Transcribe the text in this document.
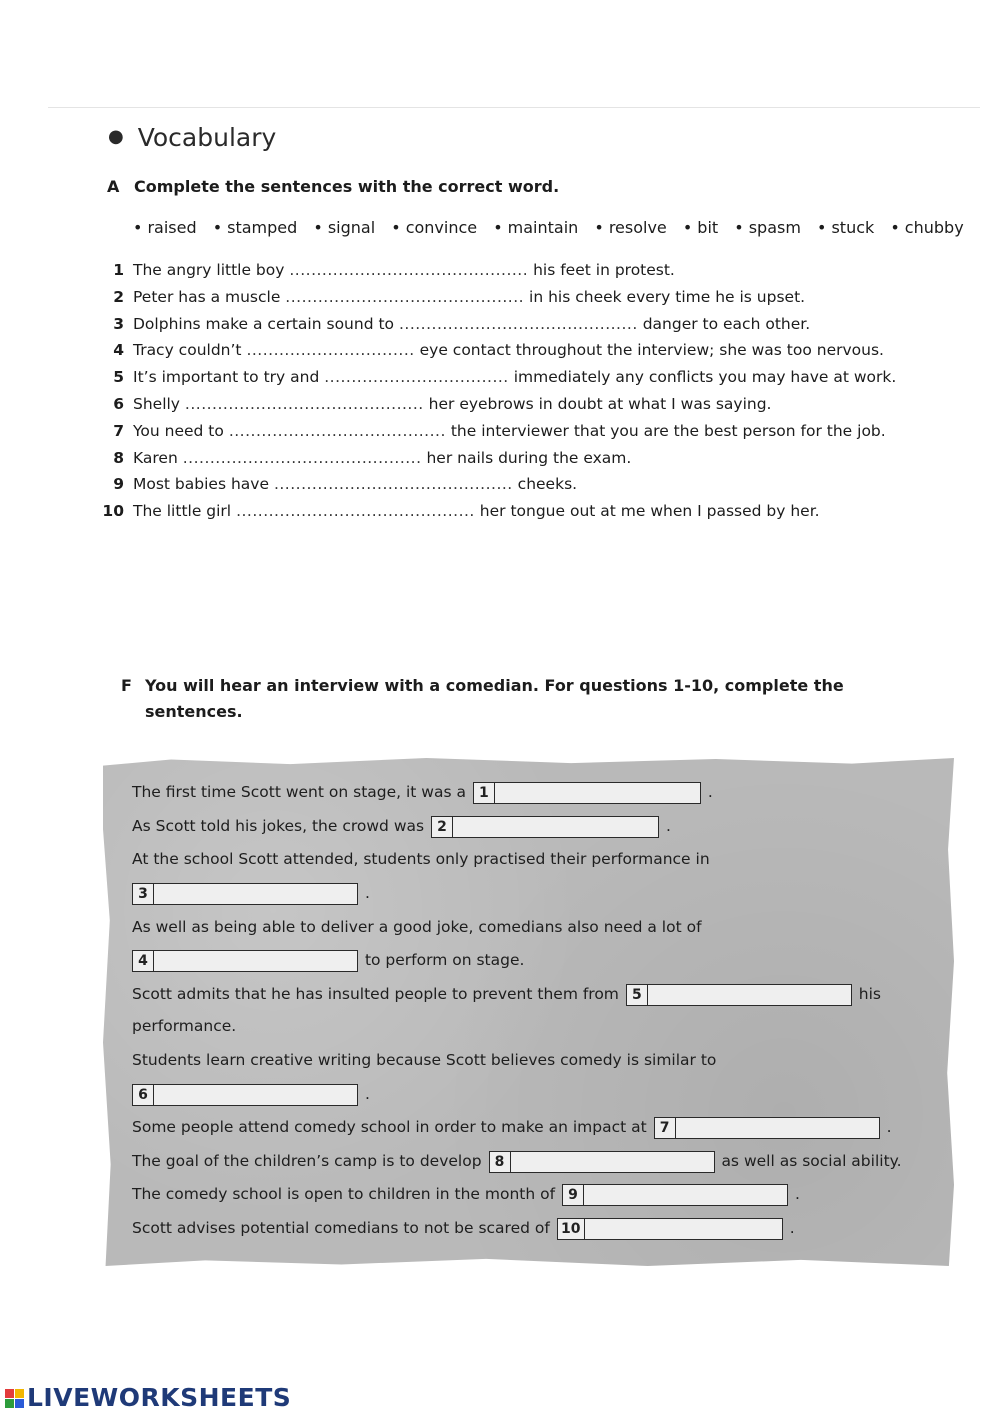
● Vocabulary
A Complete the sentences with the correct word.
• raised • stamped • signal • convince • maintain • resolve • bit • spasm • stuck • chubby
1 The angry little boy ............................................ his feet in protest.
2 Peter has a muscle ............................................ in his cheek every time he is upset.
3 Dolphins make a certain sound to ............................................ danger to each other.
4 Tracy couldn’t ............................... eye contact throughout the interview; she was too nervous.
5 It’s important to try and .................................. immediately any conflicts you may have at work.
6 Shelly ............................................ her eyebrows in doubt at what I was saying.
7 You need to ........................................ the interviewer that you are the best person for the job.
8 Karen ............................................ her nails during the exam.
9 Most babies have ............................................ cheeks.
10 The little girl ............................................ her tongue out at me when I passed by her.
F You will hear an interview with a comedian. For questions 1-10, complete the
sentences.
The first time Scott went on stage, it was a 1	.
As Scott told his jokes, the crowd was 2	.
At the school Scott attended, students only practised their performance in
3	.
As well as being able to deliver a good joke, comedians also need a lot of
4	to perform on stage.
Scott admits that he has insulted people to prevent them from 5	his
performance.
Students learn creative writing because Scott believes comedy is similar to
6	.
Some people attend comedy school in order to make an impact at 7	.
The goal of the children’s camp is to develop 8	as well as social ability.
The comedy school is open to children in the month of 9	.
Scott advises potential comedians to not be scared of 10	.
LIVEWORKSHEETS
